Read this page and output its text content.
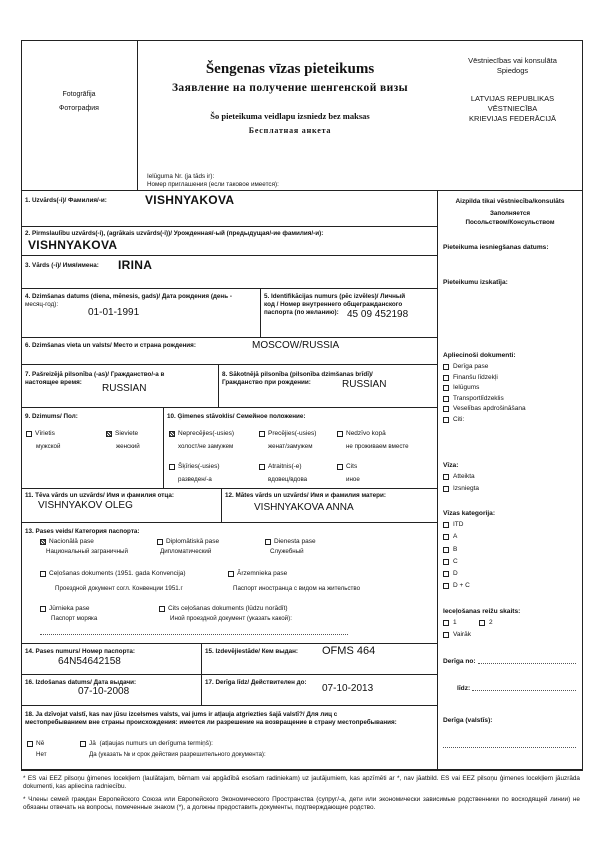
Fotogrāfija
Фотография
Šengenas vīzas pieteikums
Заявление на получение шенгенской визы
Šo pieteikuma veidlapu izsniedz bez maksas
Бесплатная анкета
Vēstniecības vai konsulāta
Spiedogs
LATVIJAS REPUBLIKAS
VĒSTNIECĪBA
KRIEVIJAS FEDERĀCIJĀ
Ielūguma Nr. (ja tāds ir):
Номер приглашения (если таковое имеется):
1. Uzvārds(-i)/ Фамилия/-и:	VISHNYAKOVA
2. Pirmslaulību uzvārds(-i), (agrākais uzvārds(-i))/ Урожденная/-ый (предыдущая/-ие фамилия/-и):
VISHNYAKOVA
3. Vārds (-i)/ Имя/имена: IRINA
4. Dzimšanas datums (diena, mēnesis, gads)/ Дата рождения (день -
месяц-год):
01-01-1991
5. Identifikācijas numurs (pēc izvēles)/ Личный
код / Номер внутреннего общегражданского
паспорта (по желанию): 45 09 452198
6. Dzimšanas vieta un valsts/ Место и страна рождения:	MOSCOW/RUSSIA
7. Pašreizējā pilsonība (-as)/ Гражданство/-а в
настоящее время:
RUSSIAN
8. Sākotnējā pilsonība (pilsonība dzimšanas brīdī)/
Гражданство при рождении:	RUSSIAN
9. Dzimums/ Пол:
Vīrietis
мужской
Sieviete
женский
10. Ģimenes stāvoklis/ Семейное положение:
Neprecējies(-usies)
холост/не замужем
Precējies(-usies)
женат/замужем
Nedzīvo kopā
не проживаем вместе
Šķīries(-usies)
разведен/-а
Atraitnis(-e)
вдовец/вдова
Cits
иное
11. Tēva vārds un uzvārds/ Имя и фамилия отца:
VISHNYAKOV OLEG
12. Mātes vārds un uzvārds/ Имя и фамилия матери:
VISHNYAKOVA ANNA
13. Pases veids/ Категория паспорта:
Nacionālā pase
Национальный заграничный
Diplomātiskā pase
Дипломатический
Dienesta pase
Служебный
Ceļošanas dokuments (1951. gada Konvencija)
Проездной документ согл. Конвенции 1951.г
Ārzemnieka pase
Паспорт иностранца с видом на жительство
Jūrnieka pase
Паспорт моряка
Cits ceļošanas dokuments (lūdzu norādīt)
Иной проездной документ (указать какой):
14. Pases numurs/ Номер паспорта:
64N54642158
15. Izdevējiestāde/ Кем выдан: OFMS 464
16. Izdošanas datums/ Дата выдачи:
07-10-2008
17. Derīga līdz/ Действителен до:
07-10-2013
18. Ja dzīvojat valstī, kas nav jūsu izcelsmes valsts, vai jums ir atļauja atgriezties šajā valstī?/ Для лиц с
местопребыванием вне страны происхождения: имеется ли разрешение на возвращение в страну местопребывания:
Nē
Нет
Jā (atļaujas numurs un derīguma termiņš):
Да (указать № и срок действия разрешительного документа):
Aizpilda tikai vēstniecība/konsulāts
Заполняется
Посольством/Консульством
Pieteikuma iesniegšanas datums:
Pieteikumu izskatīja:
Apliecinoši dokumenti:
Derīga pase
Finanšu līdzekļi
Ielūgums
Transportlīdzeklis
Veselības apdrošināšana
Citi:
Vīza:
Atteikta
Izsniegta
Vīzas kategorija:
ITD
A
B
C
D
D + C
Ieceļošanas reižu skaits:
1	2
Vairāk
Derīga no:
līdz:
Derīga (valstīs):
* ES vai EEZ pilsoņu ģimenes locekļiem (laulātajam, bērnam vai apgādībā esošam radiniekam) uz jautājumiem, kas apzīmēti ar *, nav jāatbild. ES vai EEZ pilsoņu ģimenes locekļiem jāuzrāda dokumenti, kas apliecina radniecību.
* Члены семей граждан Европейского Союза или Европейского Экономического Пространства (супруг/-а, дети или экономически зависимые родственники по восходящей линии) не обязаны отвечать на вопросы, помеченные знаком (*), а должны предоставить документы, подтверждающие родство.
